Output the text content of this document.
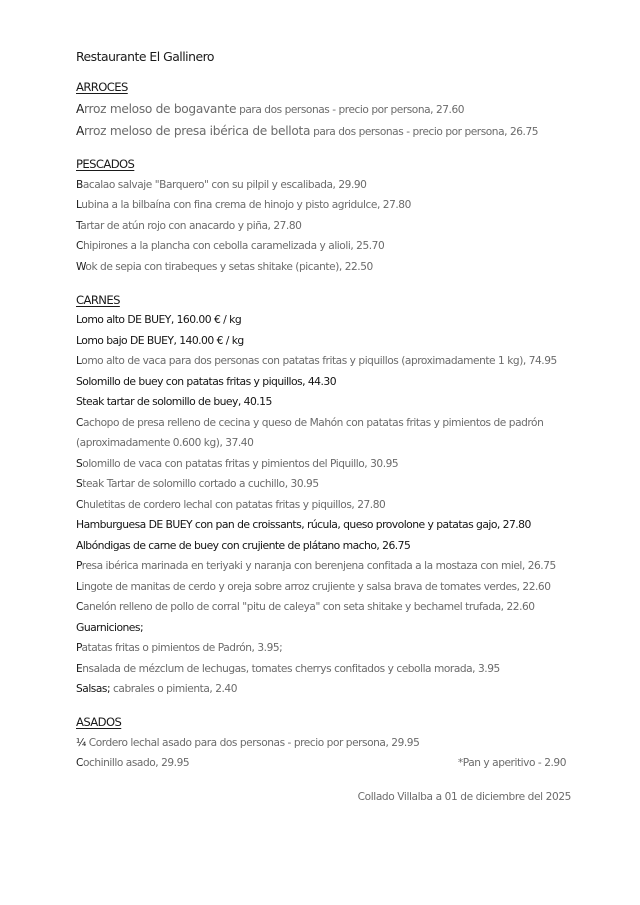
Restaurante El Gallinero
ARROCES
Arroz meloso de bogavante para dos personas - precio por persona, 27.60
Arroz meloso de presa ibérica de bellota para dos personas - precio por persona, 26.75
PESCADOS
Bacalao salvaje "Barquero" con su pilpil y escalibada, 29.90
Lubina a la bilbaína con fina crema de hinojo y pisto agridulce, 27.80
Tartar de atún rojo con anacardo y piña, 27.80
Chipirones a la plancha con cebolla caramelizada y alioli, 25.70
Wok de sepia con tirabeques y setas shitake (picante), 22.50
CARNES
Lomo alto DE BUEY, 160.00 € / kg
Lomo bajo DE BUEY, 140.00 € / kg
Lomo alto de vaca para dos personas con patatas fritas y piquillos (aproximadamente 1 kg), 74.95
Solomillo de buey con patatas fritas y piquillos, 44.30
Steak tartar de solomillo de buey, 40.15
Cachopo de presa relleno de cecina y queso de Mahón con patatas fritas y pimientos de padrón
(aproximadamente 0.600 kg), 37.40
Solomillo de vaca con patatas fritas y pimientos del Piquillo, 30.95
Steak Tartar de solomillo cortado a cuchillo, 30.95
Chuletitas de cordero lechal con patatas fritas y piquillos, 27.80
Hamburguesa DE BUEY con pan de croissants, rúcula, queso provolone y patatas gajo, 27.80
Albóndigas de carne de buey con crujiente de plátano macho, 26.75
Presa ibérica marinada en teriyaki y naranja con berenjena confitada a la mostaza con miel, 26.75
Lingote de manitas de cerdo y oreja sobre arroz crujiente y salsa brava de tomates verdes, 22.60
Canelón relleno de pollo de corral "pitu de caleya" con seta shitake y bechamel trufada, 22.60
Guarniciones;
Patatas fritas o pimientos de Padrón, 3.95;
Ensalada de mézclum de lechugas, tomates cherrys confitados y cebolla morada, 3.95
Salsas; cabrales o pimienta, 2.40
ASADOS
¼ Cordero lechal asado para dos personas - precio por persona, 29.95
Cochinillo asado, 29.95	*Pan y aperitivo - 2.90
Collado Villalba a 01 de diciembre del 2025
